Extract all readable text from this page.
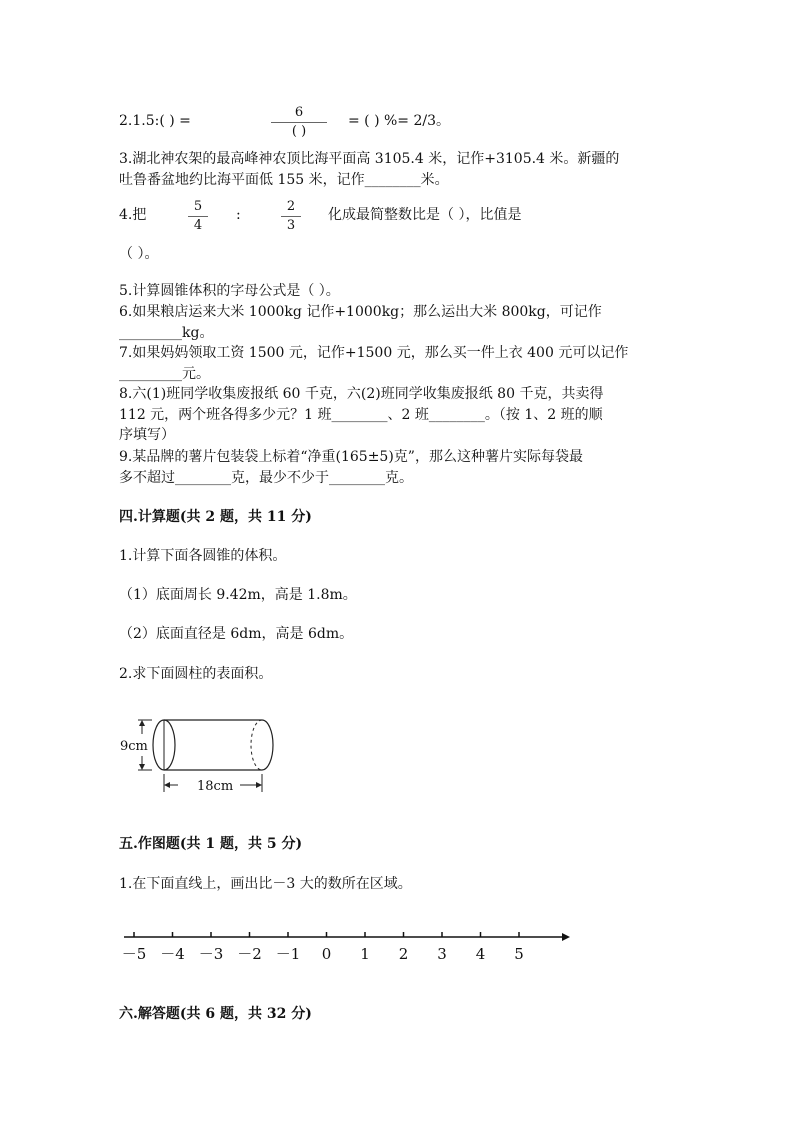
2.1.5:( ) =
6
( )
= ( ) %= 2/3。
3.湖北神农架的最高峰神农顶比海平面高 3105.4 米，记作+3105.4 米。新疆的
吐鲁番盆地约比海平面低 155 米，记作________米。
4.把
5
4
:
2
3
化成最简整数比是（ ），比值是
（ ）。
5.计算圆锥体积的字母公式是（ ）。
6.如果粮店运来大米 1000kg 记作+1000kg；那么运出大米 800kg，可记作
_________kg。
7.如果妈妈领取工资 1500 元，记作+1500 元，那么买一件上衣 400 元可以记作
_________元。
8.六(1)班同学收集废报纸 60 千克，六(2)班同学收集废报纸 80 千克，共卖得
112 元，两个班各得多少元？1 班________、2 班________。（按 1、2 班的顺
序填写）
9.某品牌的薯片包装袋上标着“净重(165±5)克”，那么这种薯片实际每袋最
多不超过________克，最少不少于________克。
四.计算题(共 2 题，共 11 分)
1.计算下面各圆锥的体积。
（1）底面周长 9.42m，高是 1.8m。
（2）底面直径是 6dm，高是 6dm。
2.求下面圆柱的表面积。
9cm
18cm
五.作图题(共 1 题，共 5 分)
1.在下面直线上，画出比－3 大的数所在区域。
－5 －4 －3 －2 －1 0 1 2 3 4 5
六.解答题(共 6 题，共 32 分)
